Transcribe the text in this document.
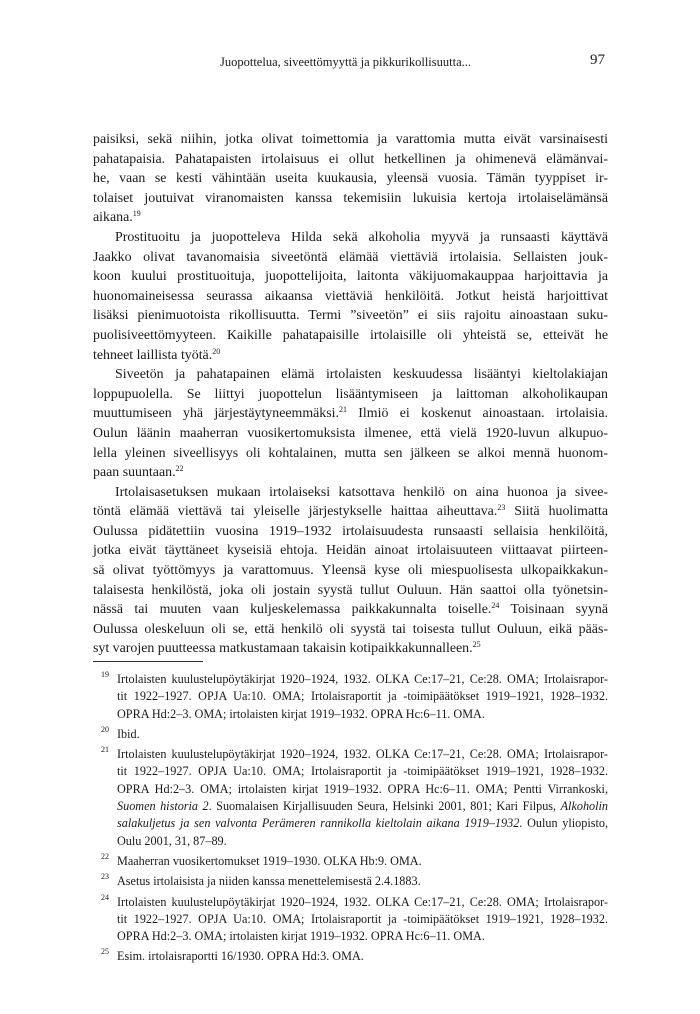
Juopottelua, siveettömyyttä ja pikkurikollisuutta...	97
paisiksi, sekä niihin, jotka olivat toimettomia ja varattomia mutta eivät varsinaisesti
pahatapaisia. Pahatapaisten irtolaisuus ei ollut hetkellinen ja ohimenevä elämänvai-
he, vaan se kesti vähintään useita kuukausia, yleensä vuosia. Tämän tyyppiset ir-
tolaiset joutuivat viranomaisten kanssa tekemisiin lukuisia kertoja irtolaiselämänsä
aikana.$^{19}$
Prostituoitu ja juopotteleva Hilda sekä alkoholia myyvä ja runsaasti käyttävä
Jaakko olivat tavanomaisia siveetöntä elämää viettäviä irtolaisia. Sellaisten jouk-
koon kuului prostituoituja, juopottelijoita, laitonta väkijuomakauppaa harjoittavia ja
huonomaineisessa seurassa aikaansa viettäviä henkilöitä. Jotkut heistä harjoittivat
lisäksi pienimuotoista rikollisuutta. Termi ”siveetön” ei siis rajoitu ainoastaan suku-
puolisiveettömyyteen. Kaikille pahatapaisille irtolaisille oli yhteistä se, etteivät he
tehneet laillista työtä.$^{20}$
Siveetön ja pahatapainen elämä irtolaisten keskuudessa lisääntyi kieltolakiajan
loppupuolella. Se liittyi juopottelun lisääntymiseen ja laittoman alkoholikaupan
muuttumiseen yhä järjestäytyneemmäksi.$^{21}$ Ilmiö ei koskenut ainoastaan. irtolaisia.
Oulun läänin maaherran vuosikertomuksista ilmenee, että vielä 1920-luvun alkupuo-
lella yleinen siveellisyys oli kohtalainen, mutta sen jälkeen se alkoi mennä huonom-
paan suuntaan.$^{22}$
Irtolaisasetuksen mukaan irtolaiseksi katsottava henkilö on aina huonoa ja sivee-
töntä elämää viettävä tai yleiselle järjestykselle haittaa aiheuttava.$^{23}$ Siitä huolimatta
Oulussa pidätettiin vuosina 1919–1932 irtolaisuudesta runsaasti sellaisia henkilöitä,
jotka eivät täyttäneet kyseisiä ehtoja. Heidän ainoat irtolaisuuteen viittaavat piirteen-
sä olivat työttömyys ja varattomuus. Yleensä kyse oli miespuolisesta ulkopaikkakun-
talaisesta henkilöstä, joka oli jostain syystä tullut Ouluun. Hän saattoi olla työnetsin-
nässä tai muuten vaan kuljeskelemassa paikkakunnalta toiselle.$^{24}$ Toisinaan syynä
Oulussa oleskeluun oli se, että henkilö oli syystä tai toisesta tullut Ouluun, eikä pääs-
syt varojen puutteessa matkustamaan takaisin kotipaikkakunnalleen.$^{25}$
19 Irtolaisten kuulustelupöytäkirjat 1920–1924, 1932. OLKA Ce:17–21, Ce:28. OMA; Irtolaisrapor-
tit 1922–1927. OPJA Ua:10. OMA; Irtolaisraportit ja -toimipäätökset 1919–1921, 1928–1932.
OPRA Hd:2–3. OMA; irtolaisten kirjat 1919–1932. OPRA Hc:6–11. OMA.
20 Ibid.
21 Irtolaisten kuulustelupöytäkirjat 1920–1924, 1932. OLKA Ce:17–21, Ce:28. OMA; Irtolaisrapor-
tit 1922–1927. OPJA Ua:10. OMA; Irtolaisraportit ja -toimipäätökset 1919–1921, 1928–1932.
OPRA Hd:2–3. OMA; irtolaisten kirjat 1919–1932. OPRA Hc:6–11. OMA; Pentti Virrankoski,
Suomen historia 2. Suomalaisen Kirjallisuuden Seura, Helsinki 2001, 801; Kari Filpus, Alkoholin
salakuljetus ja sen valvonta Perämeren rannikolla kieltolain aikana 1919–1932. Oulun yliopisto,
Oulu 2001, 31, 87–89.
22 Maaherran vuosikertomukset 1919–1930. OLKA Hb:9. OMA.
23 Asetus irtolaisista ja niiden kanssa menettelemisestä 2.4.1883.
24 Irtolaisten kuulustelupöytäkirjat 1920–1924, 1932. OLKA Ce:17–21, Ce:28. OMA; Irtolaisrapor-
tit 1922–1927. OPJA Ua:10. OMA; Irtolaisraportit ja -toimipäätökset 1919–1921, 1928–1932.
OPRA Hd:2–3. OMA; irtolaisten kirjat 1919–1932. OPRA Hc:6–11. OMA.
25 Esim. irtolaisraportti 16/1930. OPRA Hd:3. OMA.
